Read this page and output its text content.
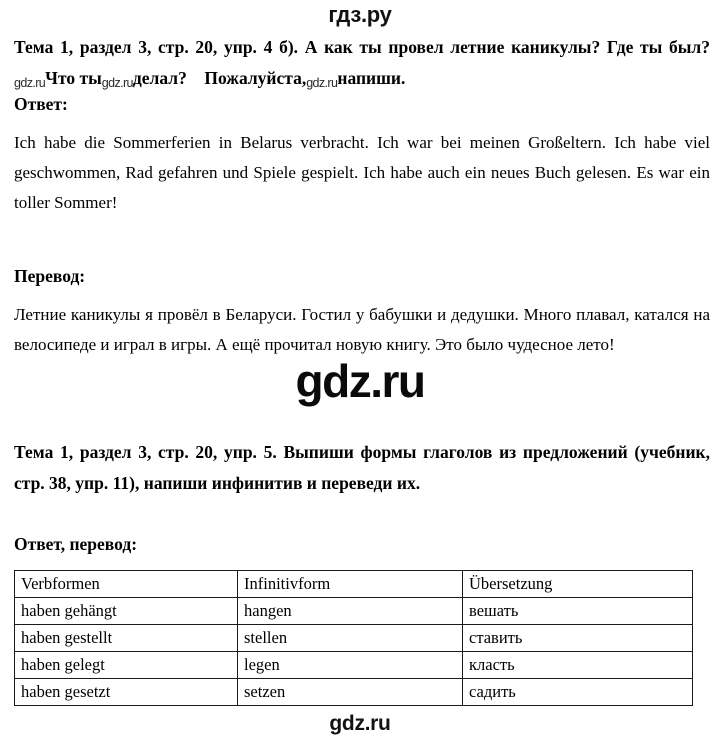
гдз.ру
Тема 1, раздел 3, стр. 20, упр. 4 б). А как ты провел летние каникулы? Где ты был?gdz.ruЧто тыgdz.ruделал? Пожалуйста,gdz.ruнапиши.
Ответ:
Ich habe die Sommerferien in Belarus verbracht. Ich war bei meinen Großeltern. Ich habe viel geschwommen, Rad gefahren und Spiele gespielt. Ich habe auch ein neues Buch gelesen. Es war ein toller Sommer!
Перевод:
Летние каникулы я провёл в Беларуси. Гостил у бабушки и дедушки. Много плавал, катался на велосипеде и играл в игры. А ещё прочитал новую книгу. Это было чудесное лето!
gdz.ru
Тема 1, раздел 3, стр. 20, упр. 5. Выпиши формы глаголов из предложений (учебник, стр. 38, упр. 11), напиши инфинитив и переведи их.
Ответ, перевод:
Verbformen	Infinitivform	Übersetzung
haben gehängt	hangen	вешать
haben gestellt	stellen	ставить
haben gelegt	legen	класть
haben gesetzt	setzen	садить
gdz.ru
